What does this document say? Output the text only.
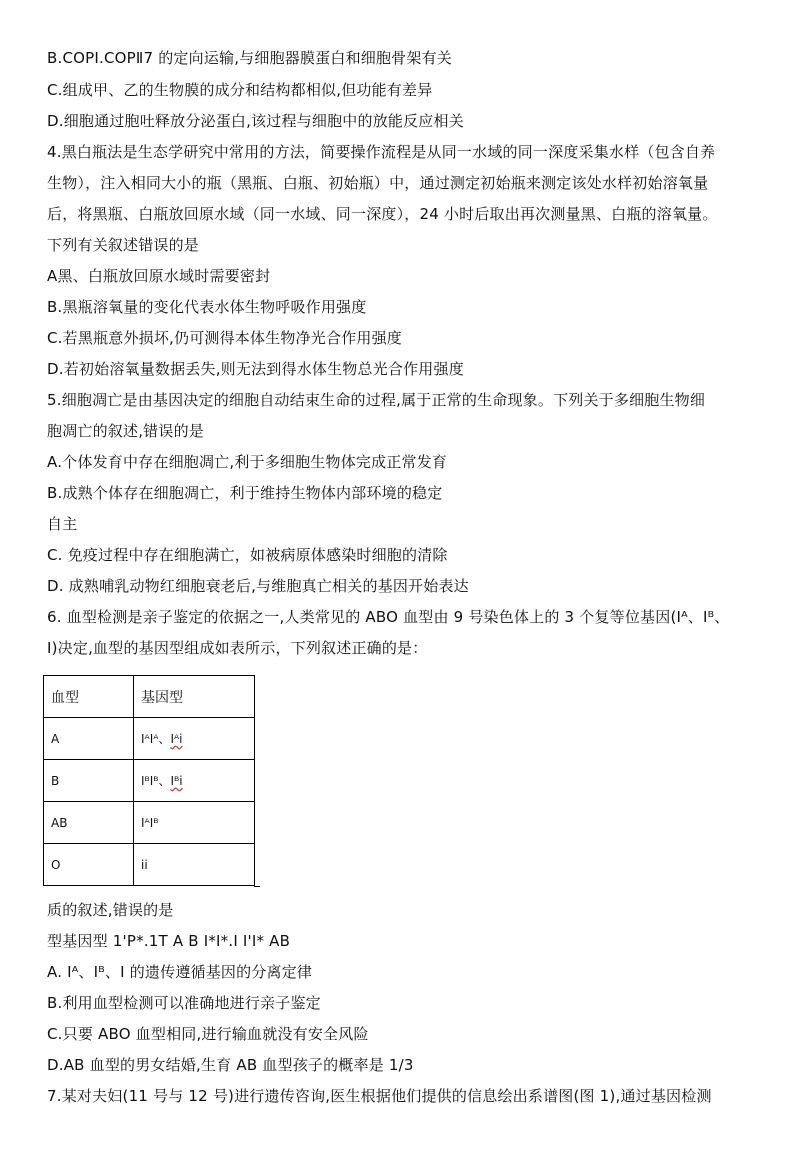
B.COPI.COPⅡ7 的定向运输,与细胞器膜蛋白和细胞骨架有关
C.组成甲、乙的生物膜的成分和结构都相似,但功能有差异
D.细胞通过胞吐释放分泌蛋白,该过程与细胞中的放能反应相关
4.黑白瓶法是生态学研究中常用的方法，简要操作流程是从同一水域的同一深度采集水样（包含自养
生物），注入相同大小的瓶（黑瓶、白瓶、初始瓶）中，通过测定初始瓶来测定该处水样初始溶氧量
后，将黑瓶、白瓶放回原水域（同一水域、同一深度），24 小时后取出再次测量黑、白瓶的溶氧量。
下列有关叙述错误的是
A黑、白瓶放回原水域时需要密封
B.黑瓶溶氧量的变化代表水体生物呼吸作用强度
C.若黑瓶意外损坏,仍可测得本体生物净光合作用强度
D.若初始溶氧量数据丢失,则无法到得水体生物总光合作用强度
5.细胞凋亡是由基因决定的细胞自动结束生命的过程,属于正常的生命现象。下列关于多细胞生物细
胞凋亡的叙述,错误的是
A.个体发育中存在细胞凋亡,利于多细胞生物体完成正常发育
B.成熟个体存在细胞凋亡，利于维持生物体内部环境的稳定
自主
C. 免疫过程中存在细胞满亡，如被病原体感染时细胞的清除
D. 成熟哺乳动物红细胞衰老后,与维胞真亡相关的基因开始表达
6. 血型检测是亲子鉴定的依据之一,人类常见的 ABO 血型由 9 号染色体上的 3 个复等位基因(Iᴬ、Iᴮ、
I)决定,血型的基因型组成如表所示，下列叙述正确的是：
血型	基因型
A	IᴬIᴬ、Iᴬi
B	IᴮIᴮ、Iᴮi
AB	IᴬIᴮ
O	ii
质的叙述,错误的是
型基因型 1'P*.1T A B I*I*.I I'I* AB
A. Iᴬ、Iᴮ、I 的遗传遵循基因的分离定律
B.利用血型检测可以准确地进行亲子鉴定
C.只要 ABO 血型相同,进行输血就没有安全风险
D.AB 血型的男女结婚,生育 AB 血型孩子的概率是 1/3
7.某对夫妇(11 号与 12 号)进行遗传咨询,医生根据他们提供的信息绘出系谱图(图 1),通过基因检测
